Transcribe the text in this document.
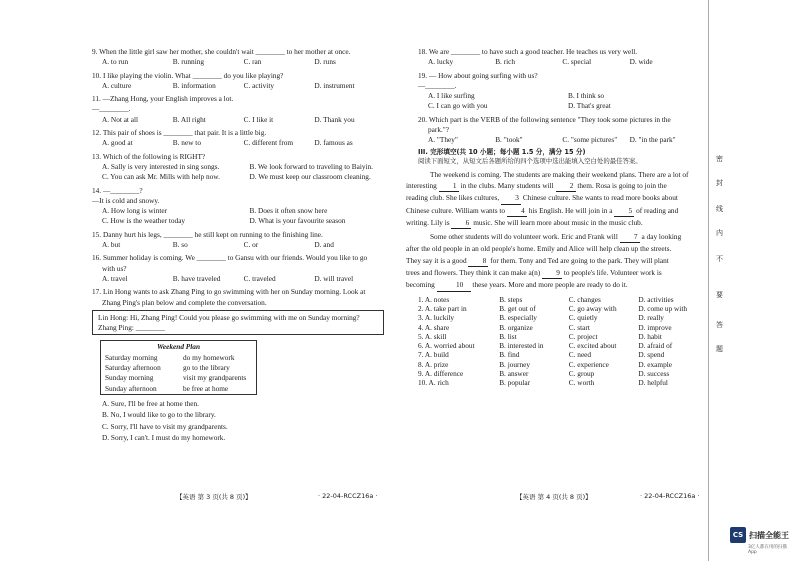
9. When the little girl saw her mother, she couldn't wait ________ to her mother at once.
A. to run	B. running	C. ran	D. runs
10. I like playing the violin. What ________ do you like playing?
A. culture	B. information	C. activity	D. instrument
11. —Zhang Hong, your English improves a lot.
—________.
A. Not at all	B. All right	C. I like it	D. Thank you
12. This pair of shoes is ________ that pair. It is a little big.
A. good at	B. new to	C. different from	D. famous as
13. Which of the following is RIGHT?
A. Sally is very interested in sing songs.	B. We look forward to traveling to Baiyin.
C. You can ask Mr. Mills with help now.	D. We must keep our classroom cleaning.
14. —________?
—It is cold and snowy.
A. How long is winter	B. Does it often snow here
C. How is the weather today	D. What is your favourite season
15. Danny hurt his legs, ________ he still kept on running to the finishing line.
A. but	B. so	C. or	D. and
16. Summer holiday is coming. We ________ to Gansu with our friends. Would you like to go
with us?
A. travel	B. have traveled	C. traveled	D. will travel
17. Lin Hong wants to ask Zhang Ping to go swimming with her on Sunday morning. Look at
Zhang Ping's plan below and complete the conversation.
Lin Hong: Hi, Zhang Ping! Could you please go swimming with me on Sunday morning?
Zhang Ping: ________
Weekend Plan
Saturday morning	do my homework
Saturday afternoon	go to the library
Sunday morning	visit my grandparents
Sunday afternoon	be free at home
A. Sure, I'll be free at home then.
B. No, I would like to go to the library.
C. Sorry, I'll have to visit my grandparents.
D. Sorry, I can't. I must do my homework.
【英语 第 3 页(共 8 页)】	· 22-04-RCCZ16a ·
18. We are ________ to have such a good teacher. He teaches us very well.
A. lucky	B. rich	C. special	D. wide
19. — How about going surfing with us?
—________.
A. I like surfing	B. I think so
C. I can go with you	D. That's great
20. Which part is the VERB of the following sentence "They took some pictures in the
park."?
A. "They"	B. "took"	C. "some pictures"	D. "in the park"
III. 完形填空(共 10 小题；每小题 1.5 分，满分 15 分)
阅读下面短文，从短文后各题所给的四个选项中选出能填入空白处的最佳答案。
The weekend is coming. The students are making their weekend plans. There are a lot of
interesting 1 in the clubs. Many students will 2 them. Rosa is going to join the
reading club. She likes cultures, 3 Chinese culture. She wants to read more books about
Chinese culture. William wants to 4 his English. He will join in a 5 of reading and
writing. Lily is 6 music. She will learn more about music in the music club.
Some other students will do volunteer work. Eric and Frank will 7 a day looking
after the old people in an old people's home. Emily and Alice will help clean up the streets.
They say it is a good 8 for them. Tony and Ted are going to the park. They will plant
trees and flowers. They think it can make a(n) 9 to people's life. Volunteer work is
becoming	10 these years. More and more people are ready to do it.
1. A. notes	B. steps	C. changes	D. activities
2. A. take part in	B. get out of	C. go away with	D. come up with
3. A. luckily	B. especially	C. quietly	D. really
4. A. share	B. organize	C. start	D. improve
5. A. skill	B. list	C. project	D. habit
6. A. worried about	B. interested in	C. excited about	D. afraid of
7. A. build	B. find	C. need	D. spend
8. A. prize	B. journey	C. experience	D. example
9. A. difference	B. answer	C. group	D. success
10. A. rich	B. popular	C. worth	D. helpful
【英语 第 4 页(共 8 页)】	· 22-04-RCCZ16a ·
密
封
线
内
不
要
答
题
CS 扫描全能王
3亿人都在用的扫描App
